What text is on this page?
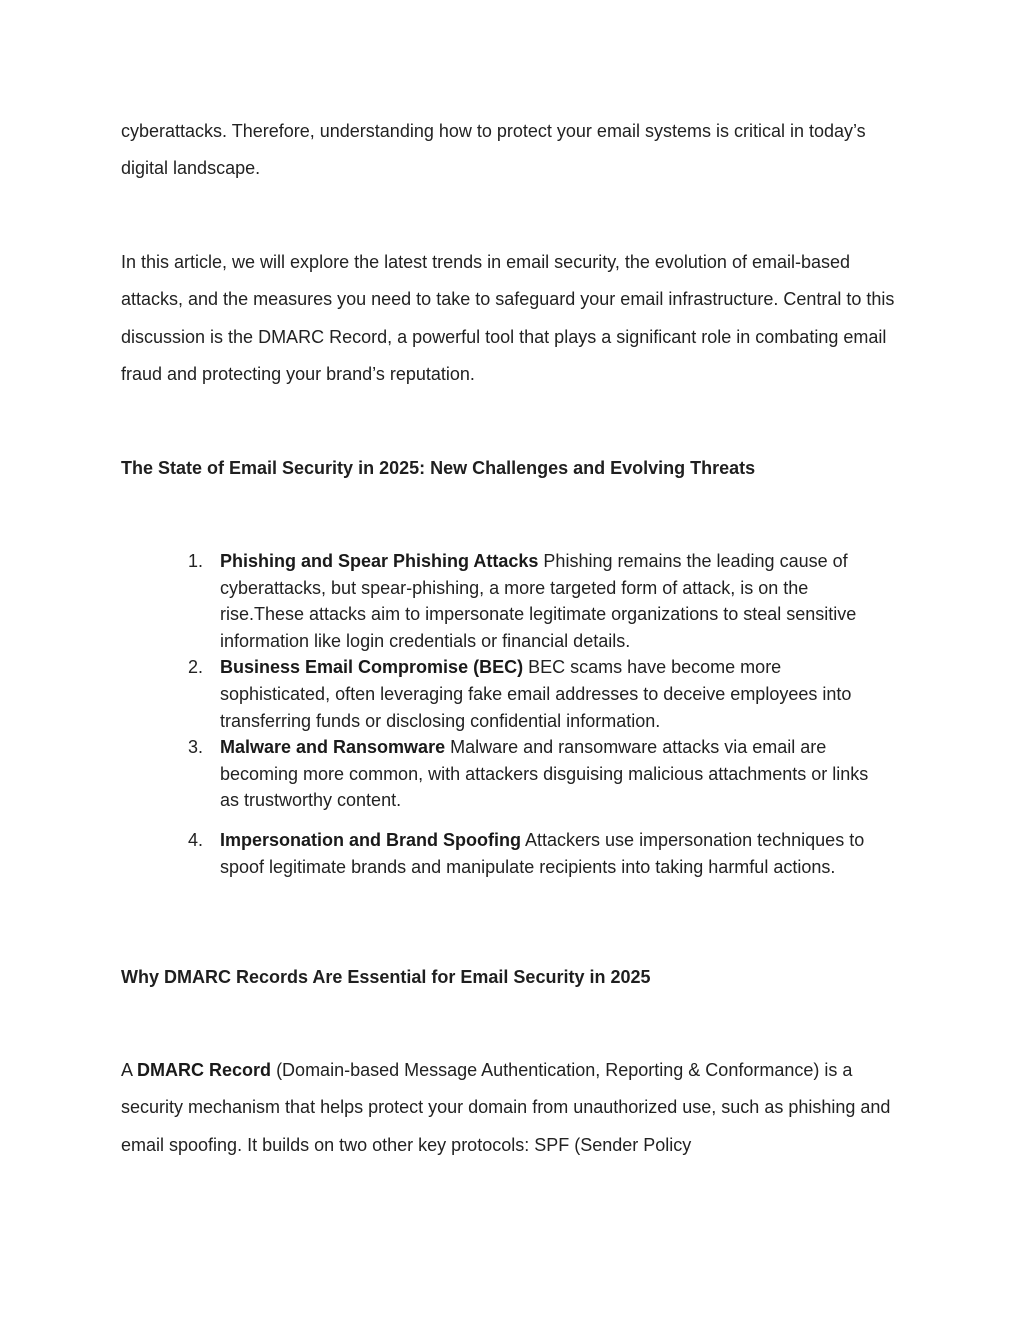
cyberattacks. Therefore, understanding how to protect your email systems is critical in today’s digital landscape.

In this article, we will explore the latest trends in email security, the evolution of email-based attacks, and the measures you need to take to safeguard your email infrastructure. Central to this discussion is the DMARC Record, a powerful tool that plays a significant role in combating email fraud and protecting your brand’s reputation.

The State of Email Security in 2025: New Challenges and Evolving Threats
1. Phishing and Spear Phishing Attacks Phishing remains the leading cause of cyberattacks, but spear-phishing, a more targeted form of attack, is on the rise.These attacks aim to impersonate legitimate organizations to steal sensitive information like login credentials or financial details.
2. Business Email Compromise (BEC) BEC scams have become more sophisticated, often leveraging fake email addresses to deceive employees into transferring funds or disclosing confidential information.
3. Malware and Ransomware Malware and ransomware attacks via email are becoming more common, with attackers disguising malicious attachments or links as trustworthy content.
4. Impersonation and Brand Spoofing Attackers use impersonation techniques to spoof legitimate brands and manipulate recipients into taking harmful actions.
Why DMARC Records Are Essential for Email Security in 2025

A DMARC Record (Domain-based Message Authentication, Reporting & Conformance) is a security mechanism that helps protect your domain from unauthorized use, such as phishing and email spoofing. It builds on two other key protocols: SPF (Sender Policy
